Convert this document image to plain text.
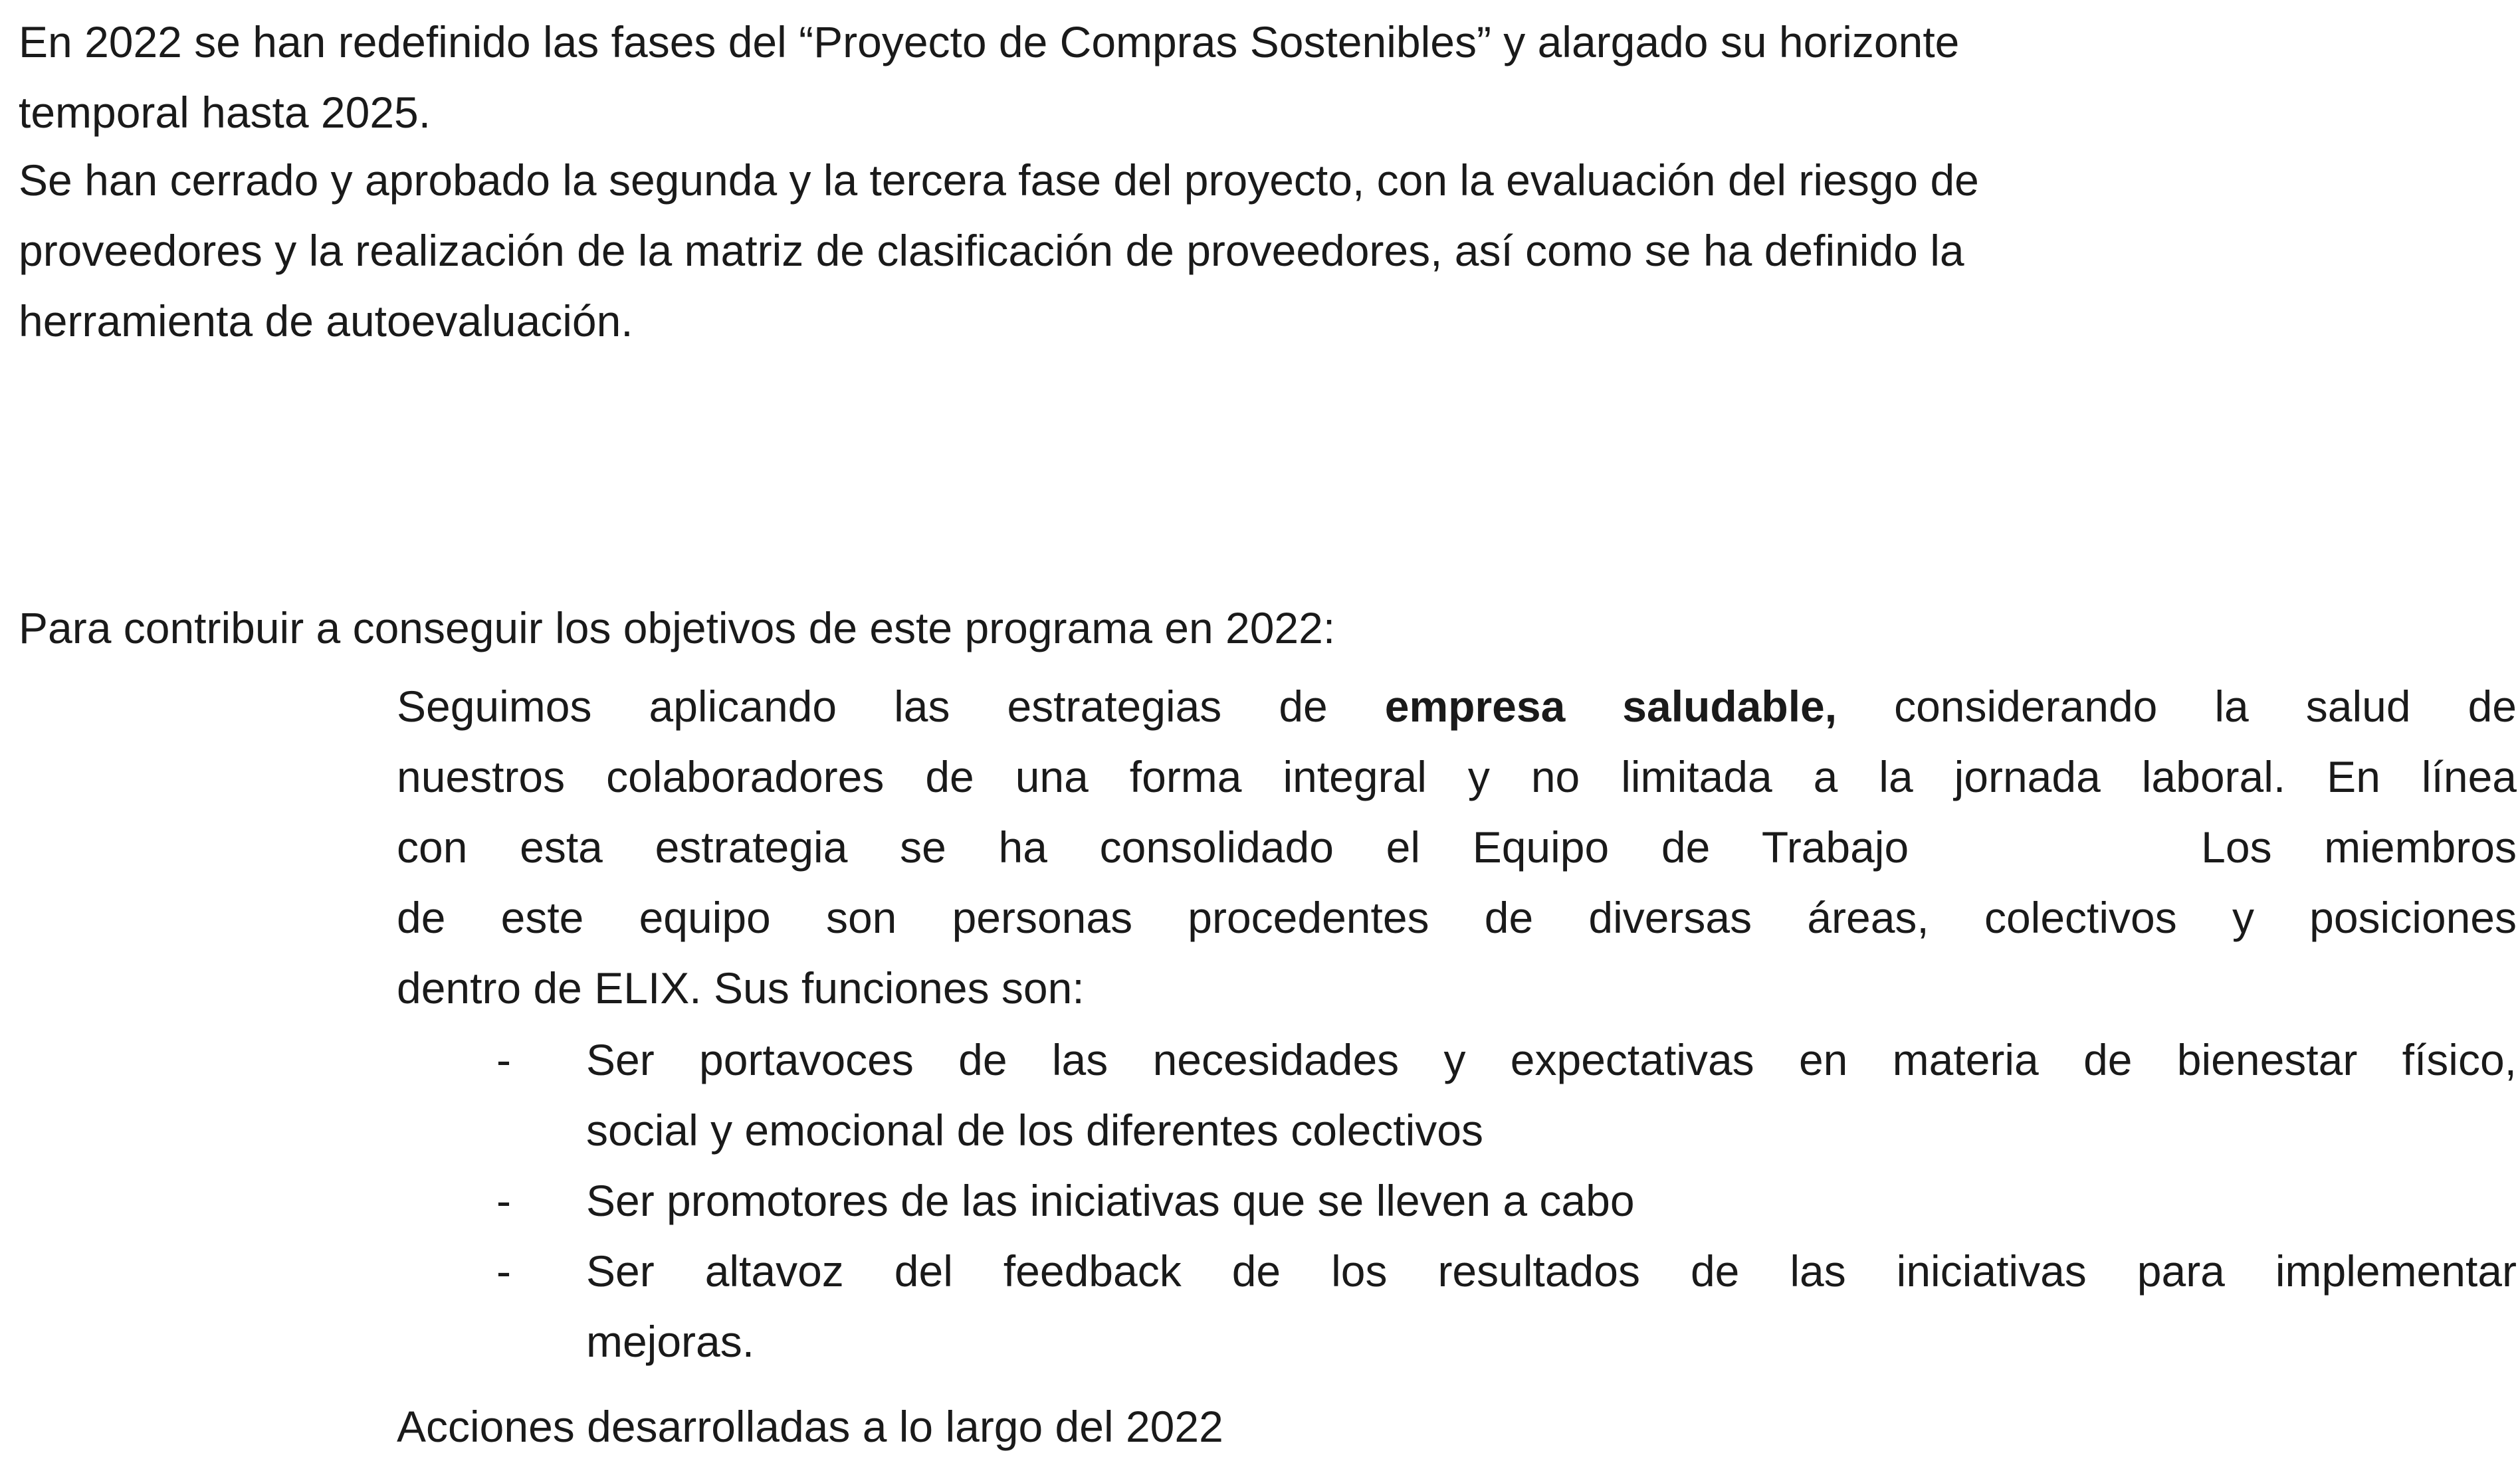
En 2022 se han redefinido las fases del “Proyecto de Compras Sostenibles” y alargado su horizonte
temporal hasta 2025.

Se han cerrado y aprobado la segunda y la tercera fase del proyecto, con la evaluación del riesgo de
proveedores y la realización de la matriz de clasificación de proveedores, así como se ha definido la
herramienta de autoevaluación.

Para contribuir a conseguir los objetivos de este programa en 2022:

Seguimos aplicando las estrategias de empresa saludable, considerando la salud de
nuestros colaboradores de una forma integral y no limitada a la jornada laboral. En línea
con esta estrategia se ha consolidado el Equipo de Trabajo	Los miembros
de este equipo son personas procedentes de diversas áreas, colectivos y posiciones
dentro de ELIX. Sus funciones son:
- Ser portavoces de las necesidades y expectativas en materia de bienestar físico,
social y emocional de los diferentes colectivos
- Ser promotores de las iniciativas que se lleven a cabo
- Ser altavoz del feedback de los resultados de las iniciativas para implementar
mejoras.

Acciones desarrolladas a lo largo del 2022
